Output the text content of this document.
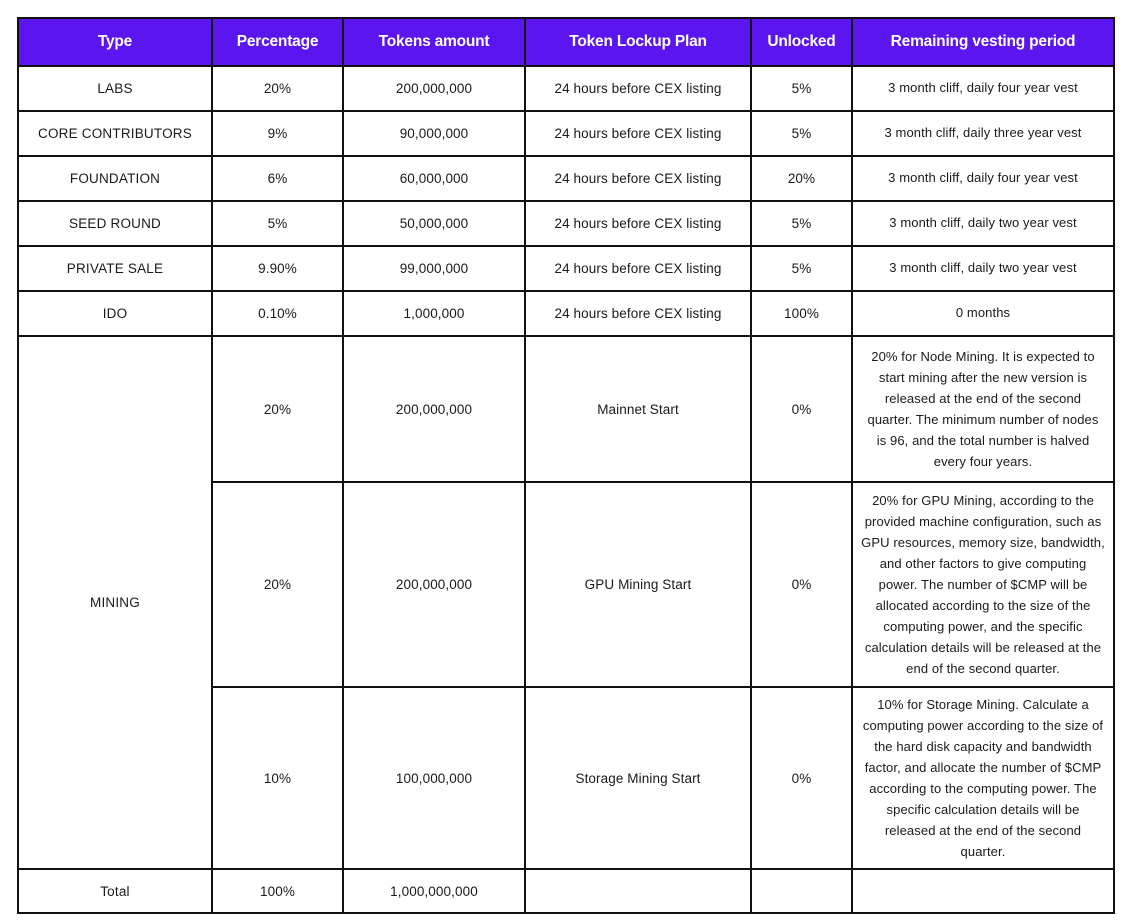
Type	Percentage	Tokens amount	Token Lockup Plan	Unlocked	Remaining vesting period
LABS	20%	200,000,000	24 hours before CEX listing	5%	3 month cliff, daily four year vest
CORE CONTRIBUTORS	9%	90,000,000	24 hours before CEX listing	5%	3 month cliff, daily three year vest
FOUNDATION	6%	60,000,000	24 hours before CEX listing	20%	3 month cliff, daily four year vest
SEED ROUND	5%	50,000,000	24 hours before CEX listing	5%	3 month cliff, daily two year vest
PRIVATE SALE	9.90%	99,000,000	24 hours before CEX listing	5%	3 month cliff, daily two year vest
IDO	0.10%	1,000,000	24 hours before CEX listing	100%	0 months
MINING	20%	200,000,000	Mainnet Start	0%	20% for Node Mining. It is expected to start mining after the new version is released at the end of the second quarter. The minimum number of nodes is 96, and the total number is halved every four years.
	20%	200,000,000	GPU Mining Start	0%	20% for GPU Mining, according to the provided machine configuration, such as GPU resources, memory size, bandwidth, and other factors to give computing power. The number of $CMP will be allocated according to the size of the computing power, and the specific calculation details will be released at the end of the second quarter.
	10%	100,000,000	Storage Mining Start	0%	10% for Storage Mining. Calculate a computing power according to the size of the hard disk capacity and bandwidth factor, and allocate the number of $CMP according to the computing power. The specific calculation details will be released at the end of the second quarter.
Total	100%	1,000,000,000			
